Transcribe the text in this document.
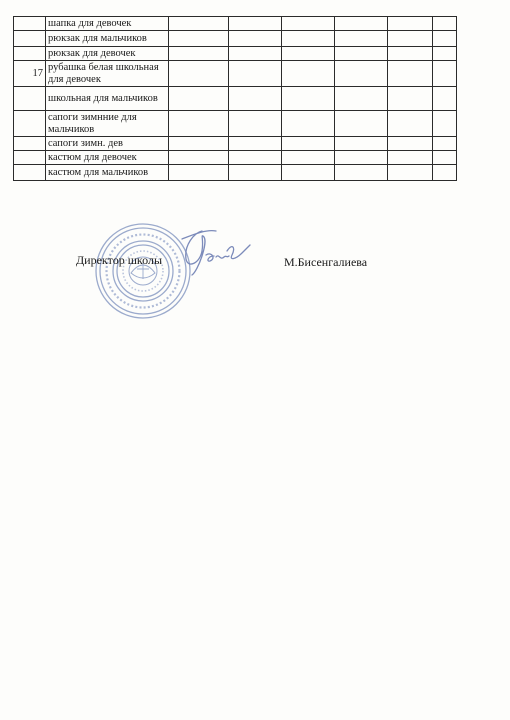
	шапка для девочек						
	рюкзак для мальчиков						
	рюкзак для девочек						
17	рубашка белая школьная для девочек						
	школьная для мальчиков						
	сапоги зимнние для мальчиков						
	сапоги зимн. дев						
	кастюм для девочек						
	кастюм для мальчиков						
Директор школы	М.Бисенгалиева
